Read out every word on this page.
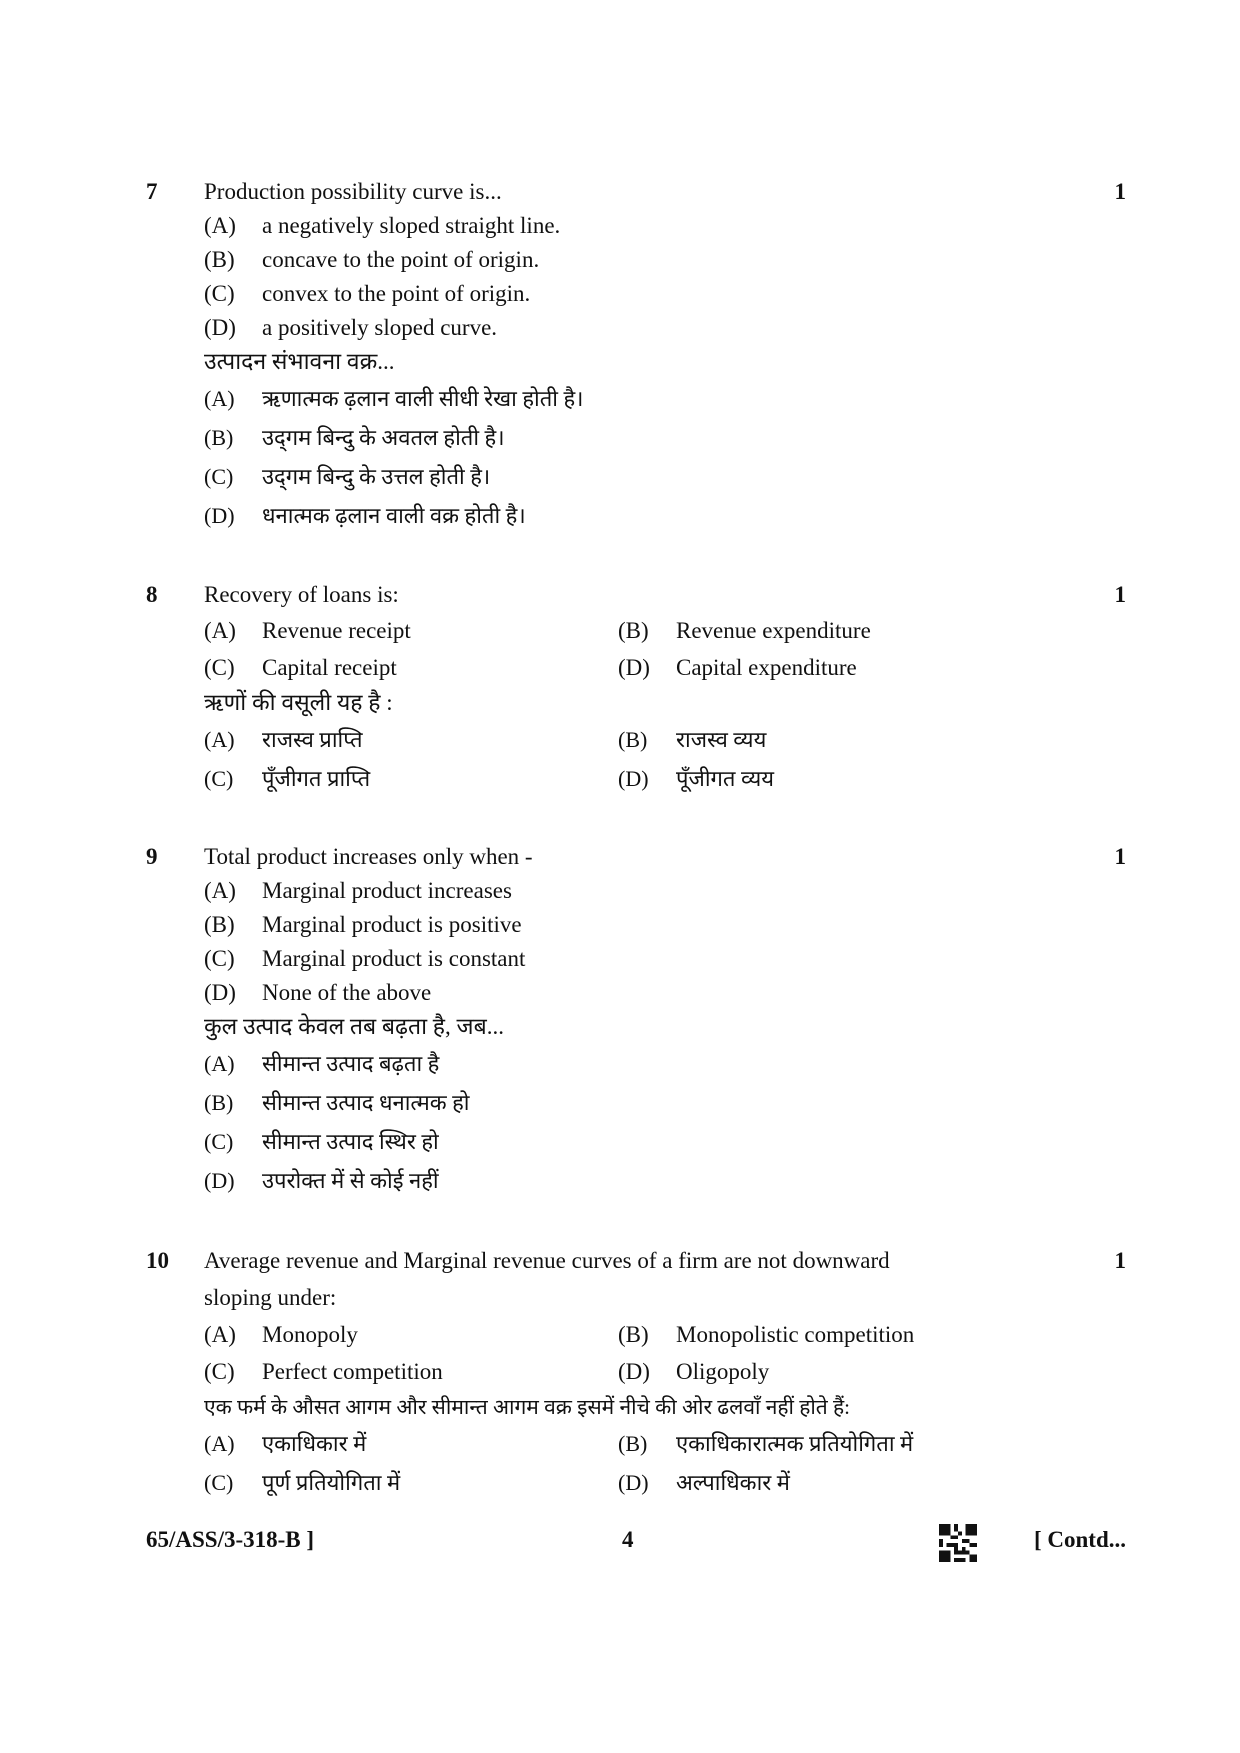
7 Production possibility curve is...	1
(A) a negatively sloped straight line.
(B) concave to the point of origin.
(C) convex to the point of origin.
(D) a positively sloped curve.
उत्पादन संभावना वक्र...
(A) ऋणात्मक ढ़लान वाली सीधी रेखा होती है।
(B) उद्‌गम बिन्दु के अवतल होती है।
(C) उद्‌गम बिन्दु के उत्तल होती है।
(D) धनात्मक ढ़लान वाली वक्र होती है।
8 Recovery of loans is:	1
(A) Revenue receipt	(B) Revenue expenditure
(C) Capital receipt	(D) Capital expenditure
ऋणों की वसूली यह है :
(A) राजस्व प्राप्ति	(B) राजस्व व्यय
(C) पूँजीगत प्राप्ति	(D) पूँजीगत व्यय
9 Total product increases only when -	1
(A) Marginal product increases
(B) Marginal product is positive
(C) Marginal product is constant
(D) None of the above
कुल उत्पाद केवल तब बढ़ता है, जब...
(A) सीमान्त उत्पाद बढ़ता है
(B) सीमान्त उत्पाद धनात्मक हो
(C) सीमान्त उत्पाद स्थिर हो
(D) उपरोक्त में से कोई नहीं
10 Average revenue and Marginal revenue curves of a firm are not downward	1
sloping under:
(A) Monopoly	(B) Monopolistic competition
(C) Perfect competition	(D) Oligopoly
एक फर्म के औसत आगम और सीमान्त आगम वक्र इसमें नीचे की ओर ढलवाँ नहीं होते हैं:
(A) एकाधिकार में	(B) एकाधिकारात्मक प्रतियोगिता में
(C) पूर्ण प्रतियोगिता में	(D) अल्पाधिकार में
65/ASS/3-318-B ]	4	[ Contd...
